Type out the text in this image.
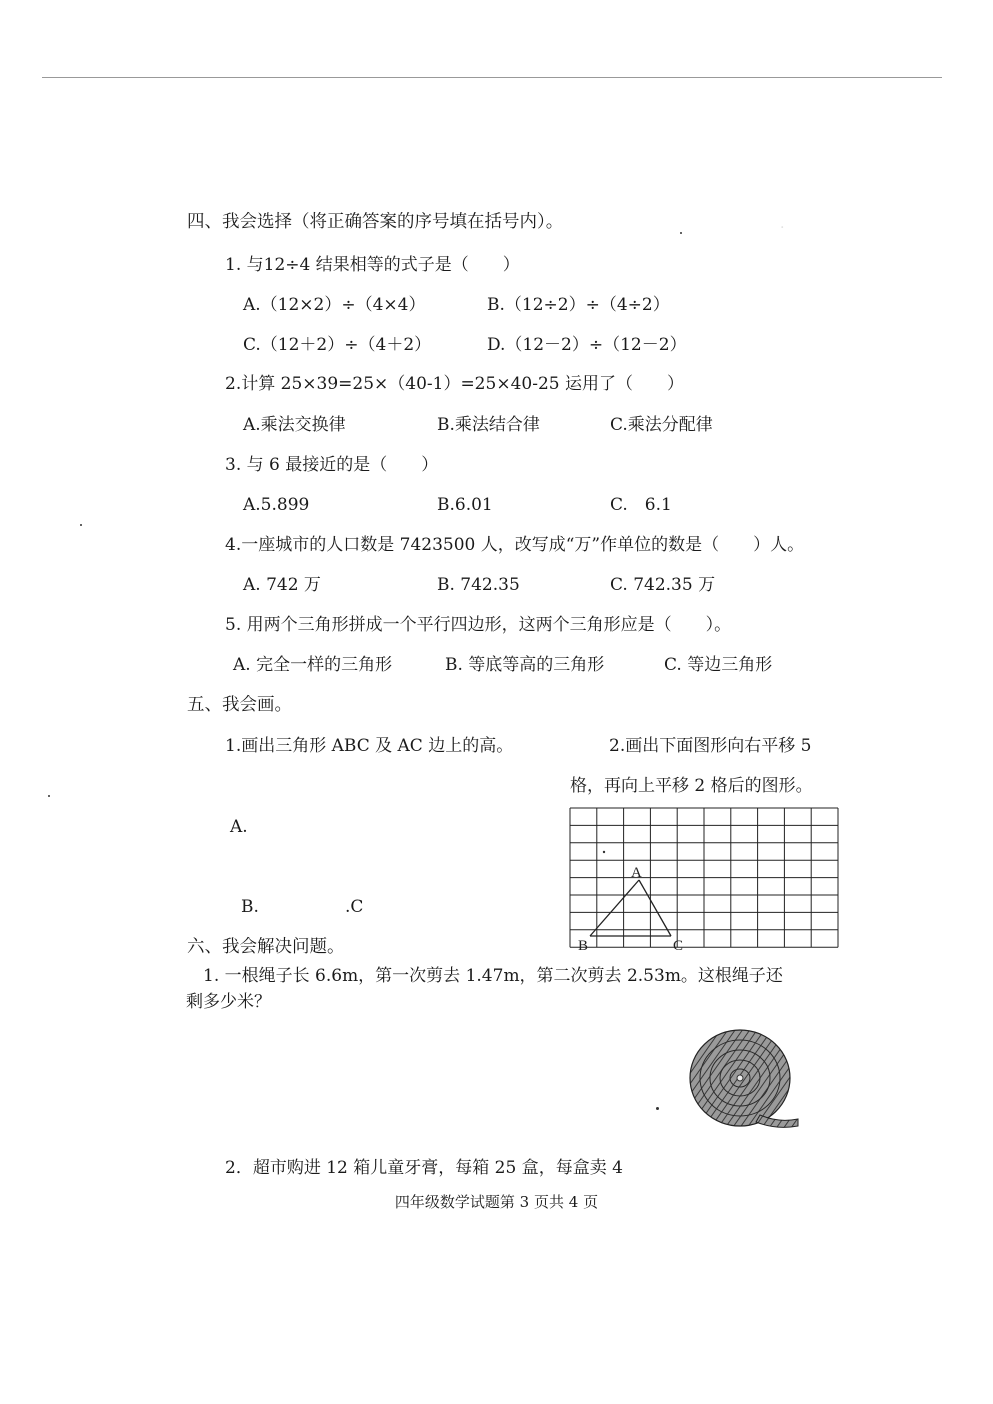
四、我会选择（将正确答案的序号填在括号内）。
1. 与12÷4 结果相等的式子是（　　）
A.（12×2）÷（4×4）	B.（12÷2）÷（4÷2）
C.（12＋2）÷（4＋2）	D.（12－2）÷（12－2）
2.计算 25×39=25×（40-1）=25×40-25 运用了（　　）
A.乘法交换律	B.乘法结合律	C.乘法分配律
3. 与 6 最接近的是（　　）
A.5.899	B.6.01	C.　6.1
4.一座城市的人口数是 7423500 人，改写成“万”作单位的数是（　　）人。
A. 742 万	B. 742.35	C. 742.35 万
5. 用两个三角形拼成一个平行四边形，这两个三角形应是（　　）。
A. 完全一样的三角形	B. 等底等高的三角形	C. 等边三角形
五、我会画。
1.画出三角形 ABC 及 AC 边上的高。
A.
B.	.C
2.画出下面图形向右平移 5
格，再向上平移 2 格后的图形。
A
B	C
六、我会解决问题。
1. 一根绳子长 6.6m，第一次剪去 1.47m，第二次剪去 2.53m。这根绳子还
剩多少米？
2．超市购进 12 箱儿童牙膏，每箱 25 盒，每盒卖 4
四年级数学试题第 3 页共 4 页
.
